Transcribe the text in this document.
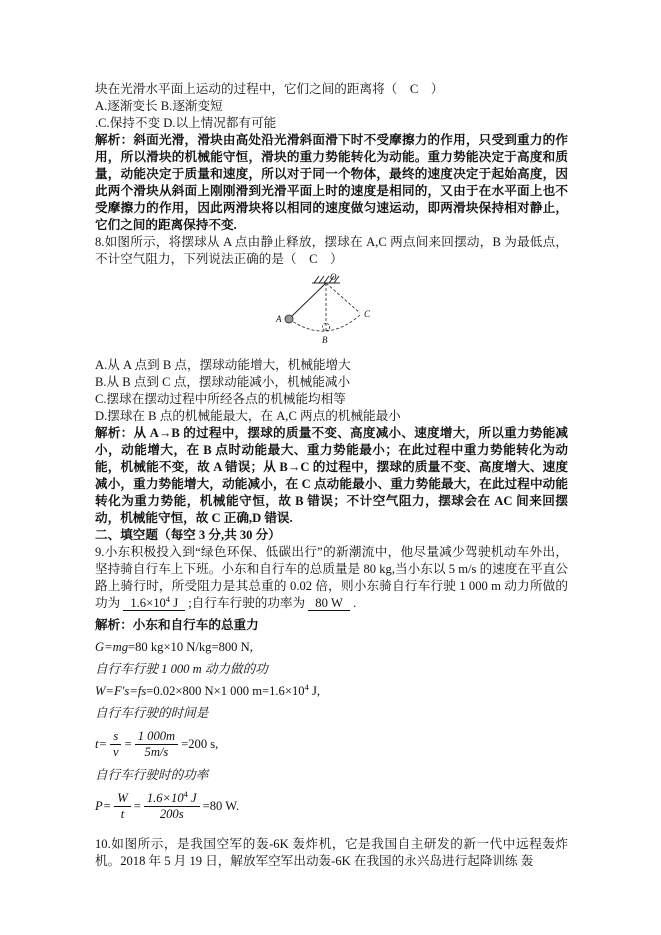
块在光滑水平面上运动的过程中，它们之间的距离将（　C　）

A.逐渐变长 B.逐渐变短

.C.保持不变 D.以上情况都有可能

解析：斜面光滑，滑块由高处沿光滑斜面滑下时不受摩擦力的作用，只受到重力的作用，所以滑块的机械能守恒，滑块的重力势能转化为动能。重力势能决定于高度和质量，动能决定于质量和速度，所以对于同一个物体，最终的速度决定于起始高度，因此两个滑块从斜面上刚刚滑到光滑平面上时的速度是相同的，又由于在水平面上也不受摩擦力的作用，因此两滑块将以相同的速度做匀速运动，即两滑块保持相对静止，它们之间的距离保持不变.

8.如图所示，将摆球从 A 点由静止释放，摆球在 A,C 两点间来回摆动，B 为最低点，不计空气阻力，下列说法正确的是（　C　）

O
A
B
C

A.从 A 点到 B 点，摆球动能增大，机械能增大

B.从 B 点到 C 点，摆球动能减小，机械能减小

C.摆球在摆动过程中所经各点的机械能均相等

D.摆球在 B 点的机械能最大，在 A,C 两点的机械能最小

解析：从 A→B 的过程中，摆球的质量不变、高度减小、速度增大，所以重力势能减小，动能增大，在 B 点时动能最大、重力势能最小；在此过程中重力势能转化为动能，机械能不变，故 A 错误；从 B→C 的过程中，摆球的质量不变、高度增大、速度减小，重力势能增大，动能减小，在 C 点动能最小、重力势能最大，在此过程中动能转化为重力势能，机械能守恒，故 B 错误；不计空气阻力，摆球会在 AC 间来回摆动，机械能守恒，故 C 正确,D 错误.

二、填空题（每空 3 分,共 30 分）

9.小东积极投入到“绿色环保、低碳出行”的新潮流中，他尽量减少驾驶机动车外出，坚持骑自行车上下班。小东和自行车的总质量是 80 kg,当小东以 5 m/s 的速度在平直公路上骑行时，所受阻力是其总重的 0.02 倍，则小东骑自行车行驶 1 000 m 动力所做的功为 $1.6\times 10^4$ J ;自行车行驶的功率为 80 W .

解析：小东和自行车的总重力

G=mg=80 kg×10 N/kg=800 N,

自行车行驶 1 000 m 动力做的功

W=F′s=fs=0.02×800 N×1 000 $m=1.6\times 10^4$ J,

自行车行驶的时间是

$t= \frac{s}{v} = \frac{1 000m}{5m/s} =200$ s,

自行车行驶时的功率

$P= \frac{W}{t} = \frac{1.6\times 10^4 J}{200s} =80$ W.

10.如图所示，是我国空军的轰-6K 轰炸机，它是我国自主研发的新一代中远程轰炸机。2018 年 5 月 19 日，解放军空军出动轰-6K 在我国的永兴岛进行起降训练 轰
